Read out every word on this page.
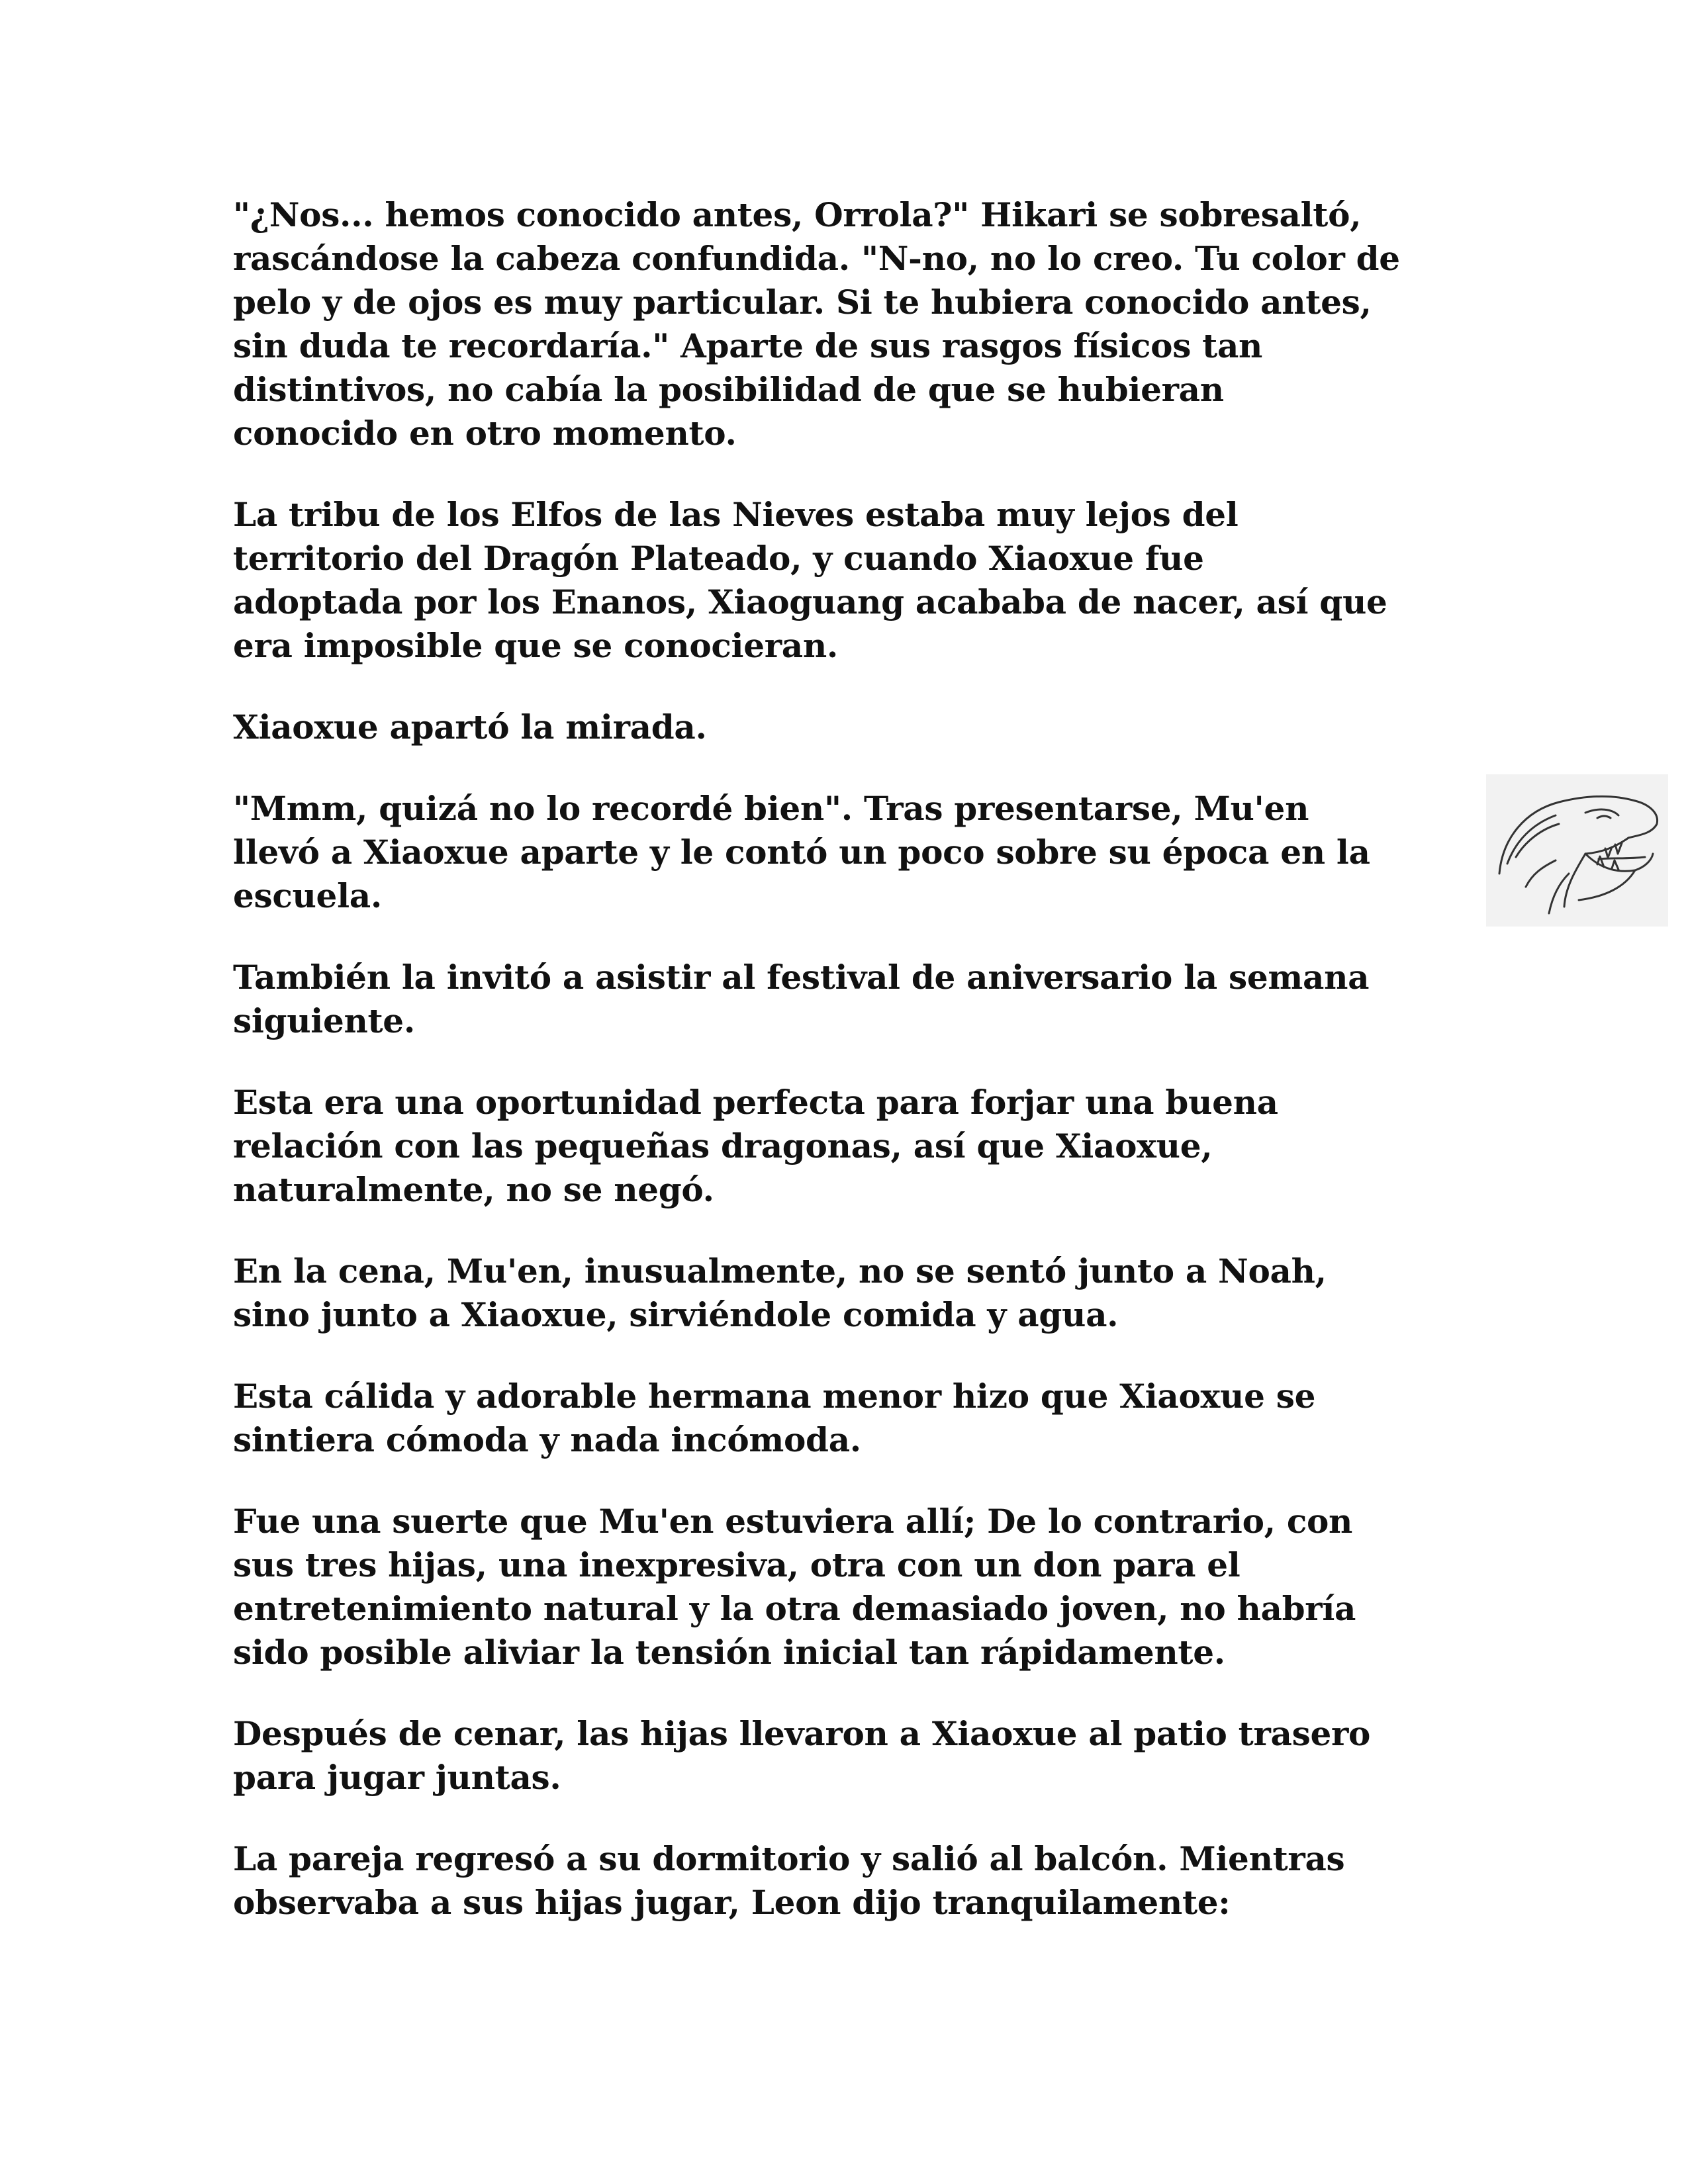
"¿Nos... hemos conocido antes, Orrola?" Hikari se sobresaltó,
rascándose la cabeza confundida. "N-no, no lo creo. Tu color de
pelo y de ojos es muy particular. Si te hubiera conocido antes,
sin duda te recordaría." Aparte de sus rasgos físicos tan
distintivos, no cabía la posibilidad de que se hubieran
conocido en otro momento.

La tribu de los Elfos de las Nieves estaba muy lejos del
territorio del Dragón Plateado, y cuando Xiaoxue fue
adoptada por los Enanos, Xiaoguang acababa de nacer, así que
era imposible que se conocieran.

Xiaoxue apartó la mirada.

"Mmm, quizá no lo recordé bien". Tras presentarse, Mu'en
llevó a Xiaoxue aparte y le contó un poco sobre su época en la
escuela.

También la invitó a asistir al festival de aniversario la semana
siguiente.

Esta era una oportunidad perfecta para forjar una buena
relación con las pequeñas dragonas, así que Xiaoxue,
naturalmente, no se negó.

En la cena, Mu'en, inusualmente, no se sentó junto a Noah,
sino junto a Xiaoxue, sirviéndole comida y agua.

Esta cálida y adorable hermana menor hizo que Xiaoxue se
sintiera cómoda y nada incómoda.

Fue una suerte que Mu'en estuviera allí; De lo contrario, con
sus tres hijas, una inexpresiva, otra con un don para el
entretenimiento natural y la otra demasiado joven, no habría
sido posible aliviar la tensión inicial tan rápidamente.

Después de cenar, las hijas llevaron a Xiaoxue al patio trasero
para jugar juntas.

La pareja regresó a su dormitorio y salió al balcón. Mientras
observaba a sus hijas jugar, Leon dijo tranquilamente:
